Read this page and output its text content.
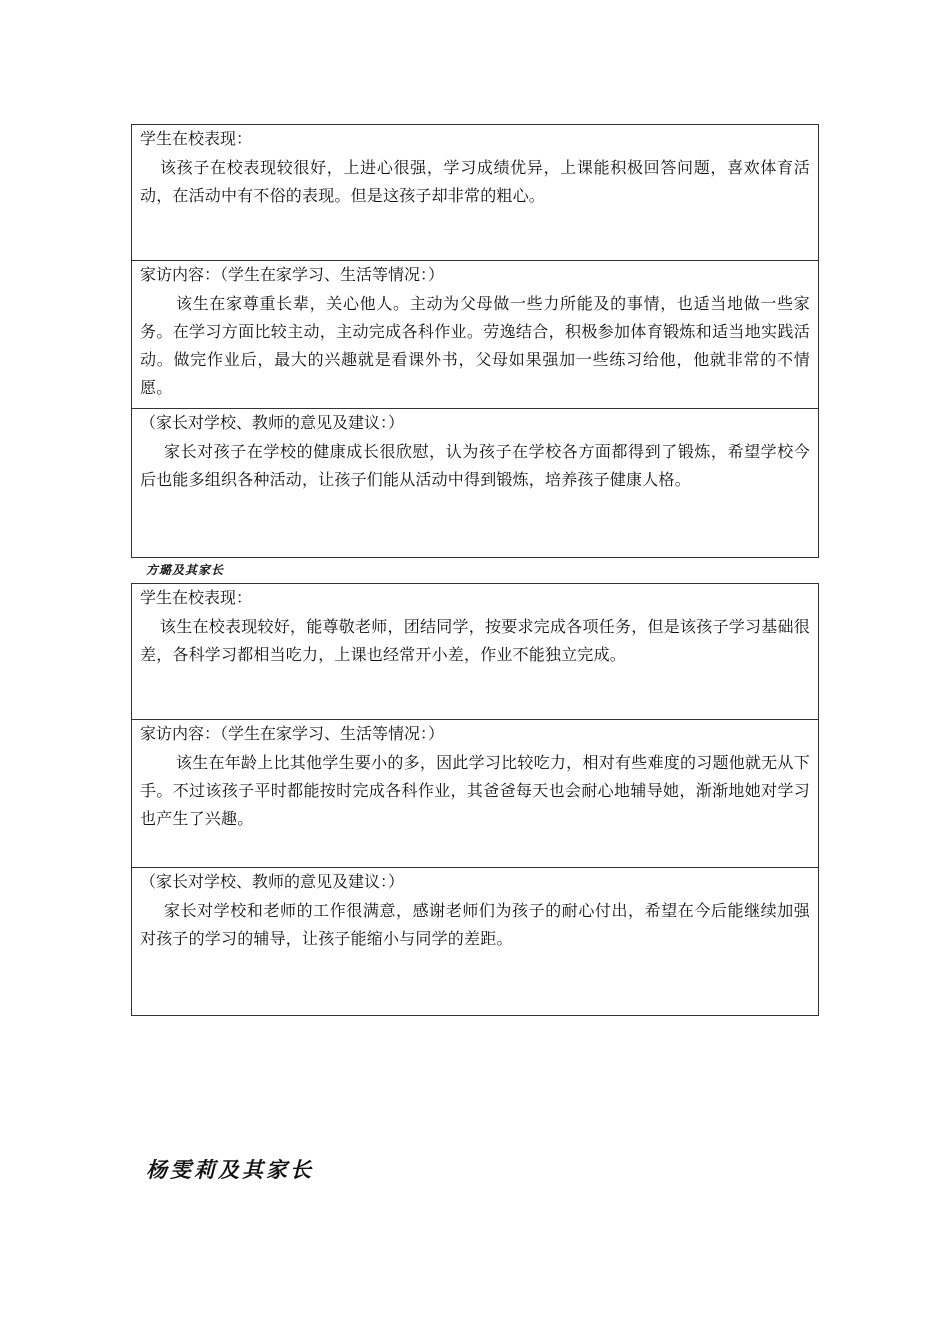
学生在校表现：

该孩子在校表现较很好，上进心很强，学习成绩优异，上课能积极回答问题，喜欢体育活动，在活动中有不俗的表现。但是这孩子却非常的粗心。

家访内容：（学生在家学习、生活等情况：）

该生在家尊重长辈，关心他人。主动为父母做一些力所能及的事情，也适当地做一些家务。在学习方面比较主动，主动完成各科作业。劳逸结合，积极参加体育锻炼和适当地实践活动。做完作业后，最大的兴趣就是看课外书，父母如果强加一些练习给他，他就非常的不情愿。

（家长对学校、教师的意见及建议：）

家长对孩子在学校的健康成长很欣慰，认为孩子在学校各方面都得到了锻炼，希望学校今后也能多组织各种活动，让孩子们能从活动中得到锻炼，培养孩子健康人格。

方璐及其家长

学生在校表现：

该生在校表现较好，能尊敬老师，团结同学，按要求完成各项任务，但是该孩子学习基础很差，各科学习都相当吃力，上课也经常开小差，作业不能独立完成。

家访内容：（学生在家学习、生活等情况：）

该生在年龄上比其他学生要小的多，因此学习比较吃力，相对有些难度的习题他就无从下手。不过该孩子平时都能按时完成各科作业，其爸爸每天也会耐心地辅导她，渐渐地她对学习也产生了兴趣。

（家长对学校、教师的意见及建议：）

家长对学校和老师的工作很满意，感谢老师们为孩子的耐心付出，希望在今后能继续加强对孩子的学习的辅导，让孩子能缩小与同学的差距。

杨雯莉及其家长
